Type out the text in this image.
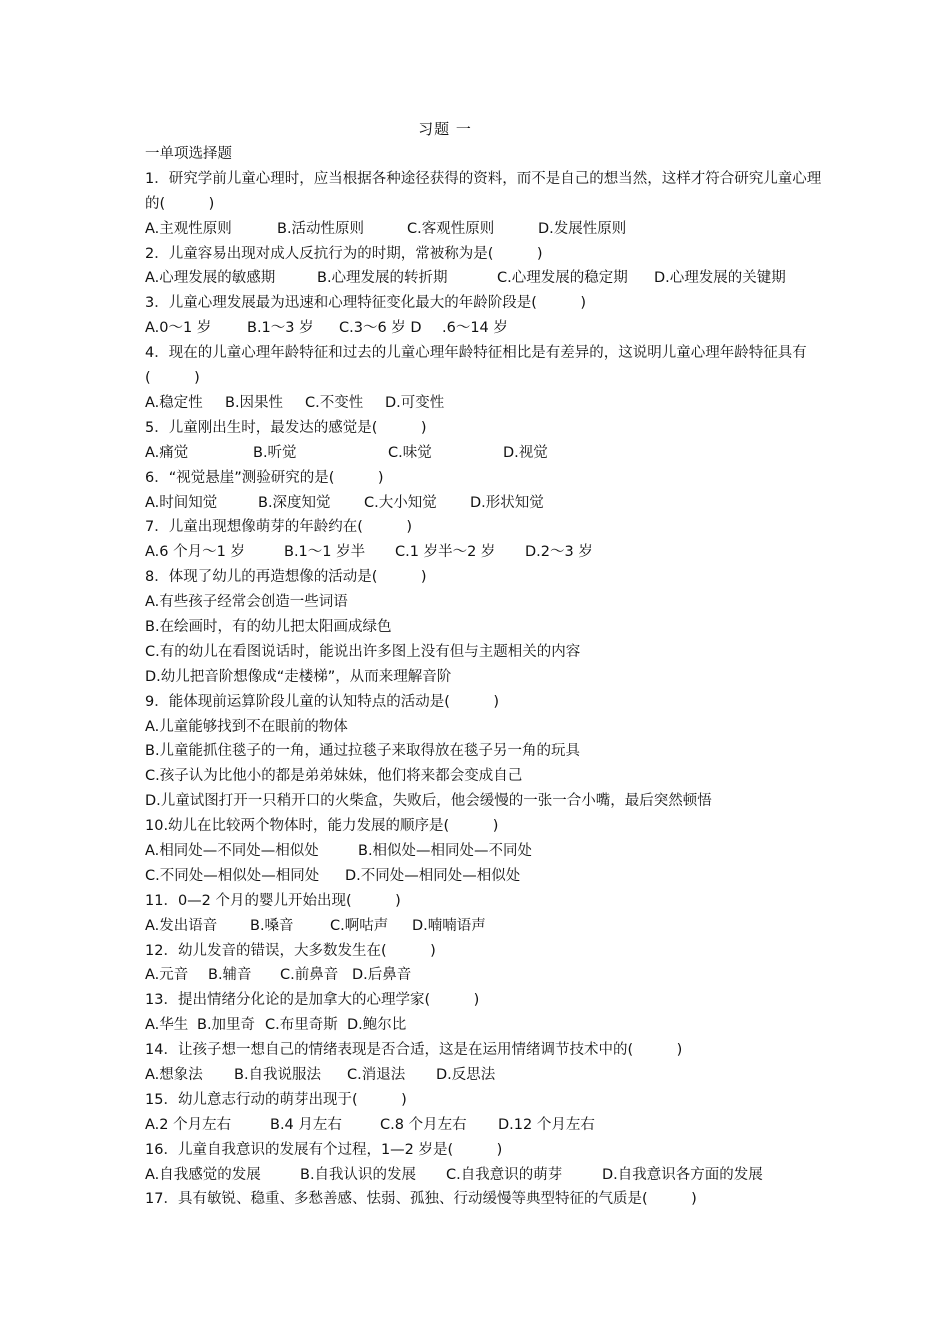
习题 一
一单项选择题
1．研究学前儿童心理时，应当根据各种途径获得的资料，而不是自己的想当然，这样才符合研究儿童心理的(　　　)
A.主观性原则	B.活动性原则	C.客观性原则	D.发展性原则
2．儿童容易出现对成人反抗行为的时期，常被称为是(　　　)
A.心理发展的敏感期	B.心理发展的转折期	C.心理发展的稳定期 D.心理发展的关键期
3．儿童心理发展最为迅速和心理特征变化最大的年龄阶段是(　　　)
A.0～1 岁 B.1～3 岁 C.3～6 岁 D .6～14 岁
4．现在的儿童心理年龄特征和过去的儿童心理年龄特征相比是有差异的，这说明儿童心理年龄特征具有(　　　)
A.稳定性 B.因果性 C.不变性 D.可变性
5．儿童刚出生时，最发达的感觉是(　　　)
A.痛觉	B.听觉	C.味觉	D.视觉
6．“视觉悬崖”测验研究的是(　　　)
A.时间知觉	B.深度知觉 C.大小知觉 D.形状知觉
7．儿童出现想像萌芽的年龄约在(　　　)
A.6 个月～1 岁	B.1～1 岁半 C.1 岁半～2 岁 D.2～3 岁
8．体现了幼儿的再造想像的活动是(　　　)
A.有些孩子经常会创造一些词语
B.在绘画时，有的幼儿把太阳画成绿色
C.有的幼儿在看图说话时，能说出许多图上没有但与主题相关的内容
D.幼儿把音阶想像成“走楼梯”，从而来理解音阶
9．能体现前运算阶段儿童的认知特点的活动是(　　　)
A.儿童能够找到不在眼前的物体
B.儿童能抓住毯子的一角，通过拉毯子来取得放在毯子另一角的玩具
C.孩子认为比他小的都是弟弟妹妹，他们将来都会变成自己
D.儿童试图打开一只稍开口的火柴盒，失败后，他会缓慢的一张一合小嘴，最后突然顿悟
10.幼儿在比较两个物体时，能力发展的顺序是(　　　)
A.相同处—不同处—相似处	B.相似处—相同处—不同处
C.不同处—相似处—相同处 D.不同处—相同处—相似处
11．0—2 个月的婴儿开始出现(　　　)
A.发出语音 B.嗓音	C.啊咕声 D.喃喃语声
12．幼儿发音的错误，大多数发生在(　　　)
A.元音 B.辅音 C.前鼻音 D.后鼻音
13．提出情绪分化论的是加拿大的心理学家(　　　)
A.华生 B.加里奇 C.布里奇斯 D.鲍尔比
14．让孩子想一想自己的情绪表现是否合适，这是在运用情绪调节技术中的(　　　)
A.想象法 B.自我说服法 C.消退法 D.反思法
15．幼儿意志行动的萌芽出现于(　　　)
A.2 个月左右	B.4 月左右	C.8 个月左右 D.12 个月左右
16．儿童自我意识的发展有个过程，1—2 岁是(　　　)
A.自我感觉的发展	B.自我认识的发展 C.自我意识的萌芽	D.自我意识各方面的发展
17．具有敏锐、稳重、多愁善感、怯弱、孤独、行动缓慢等典型特征的气质是(　　　)
